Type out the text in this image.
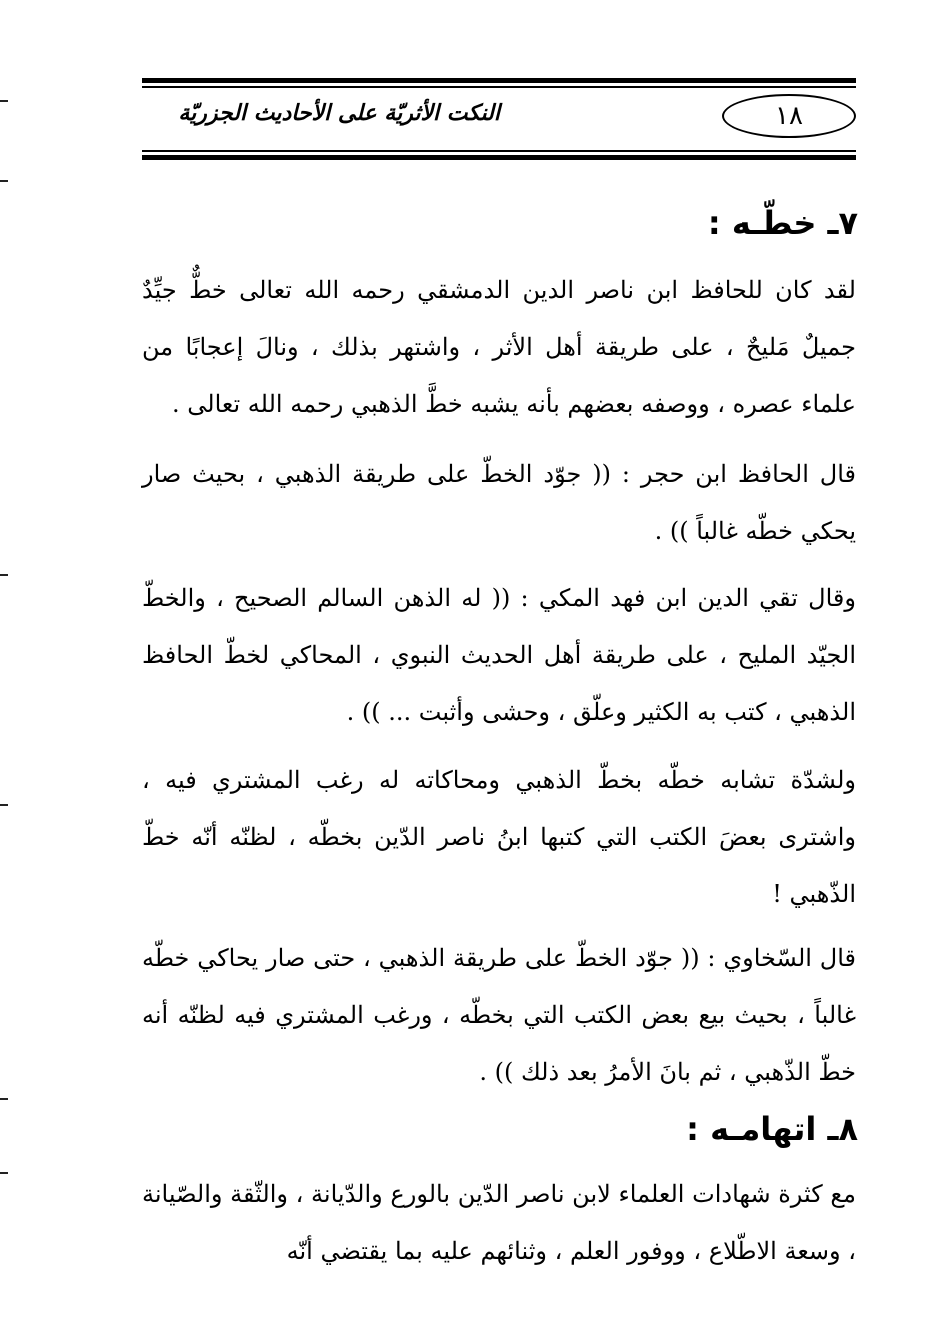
١٨
النكت الأثريّة على الأحاديث الجزريّة
٧ـ خطّـه :

لقد كان للحافظ ابن ناصر الدين الدمشقي رحمه الله تعالى خطٌّ جيِّدٌ جميلٌ مَليحٌ ، على طريقة أهل الأثر ، واشتهر بذلك ، ونالَ إعجابًا من علماء عصره ، ووصفه بعضهم بأنه يشبه خطَّ الذهبي رحمه الله تعالى .

قال الحافظ ابن حجر : (( جوّد الخطّ على طريقة الذهبي ، بحيث صار يحكي خطّه غالباً )) .

وقال تقي الدين ابن فهد المكي : (( له الذهن السالم الصحيح ، والخطّ الجيّد المليح ، على طريقة أهل الحديث النبوي ، المحاكي لخطّ الحافظ الذهبي ، كتب به الكثير وعلّق ، وحشى وأثبت ... )) .

ولشدّة تشابه خطّه بخطّ الذهبي ومحاكاته له رغب المشتري فيه ، واشترى بعضَ الكتب التي كتبها ابنُ ناصر الدّين بخطّه ، لظنّه أنّه خطّ الذّهبي !

قال السّخاوي : (( جوّد الخطّ على طريقة الذهبي ، حتى صار يحاكي خطّه غالباً ، بحيث بيع بعض الكتب التي بخطّه ، ورغب المشتري فيه لظنّه أنه خطّ الذّهبي ، ثم بانَ الأمرُ بعد ذلك )) .

٨ـ اتهامـه :

مع كثرة شهادات العلماء لابن ناصر الدّين بالورع والدّيانة ، والثّقة والصّيانة ، وسعة الاطّلاع ، ووفور العلم ، وثنائهم عليه بما يقتضي أنّه
